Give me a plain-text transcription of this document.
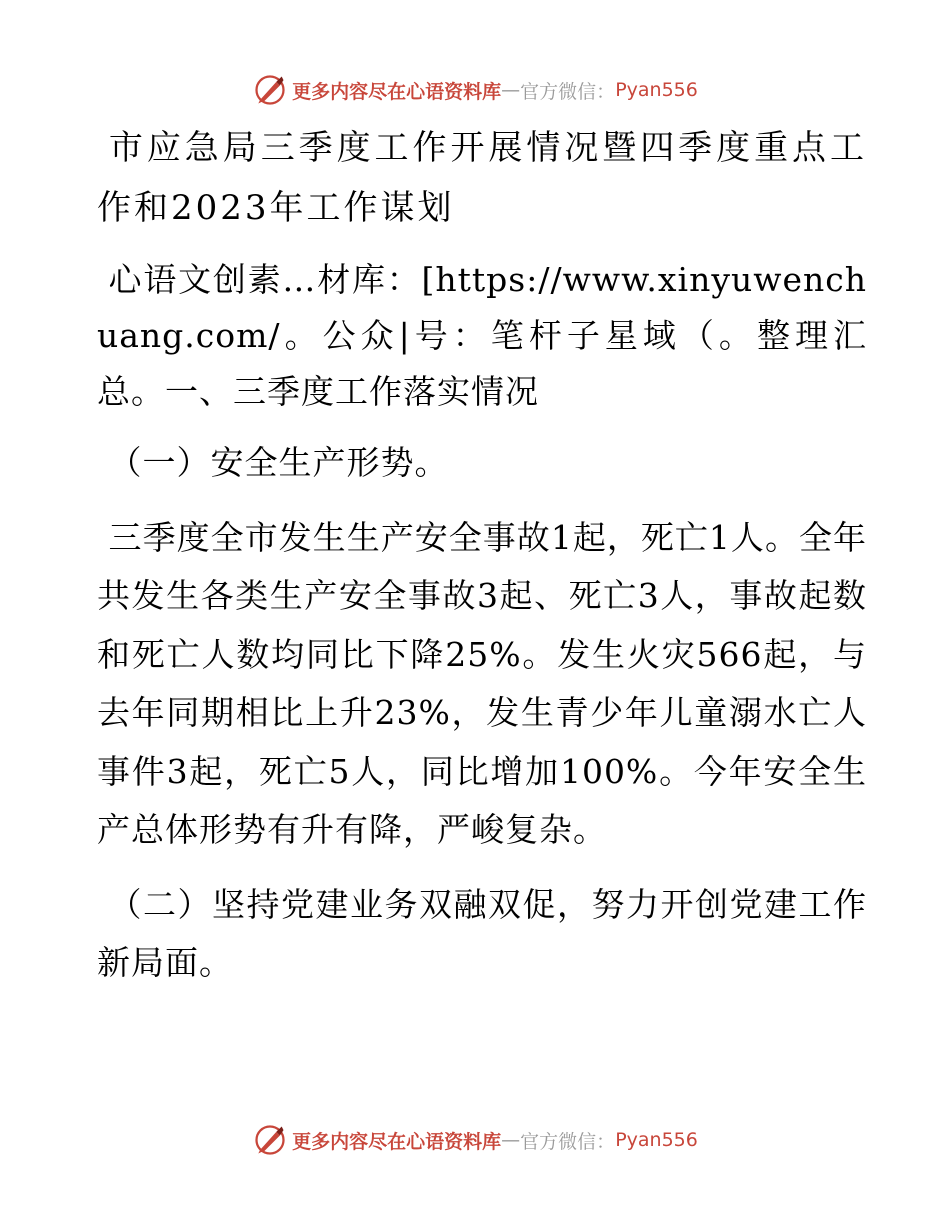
更多内容尽在心语资料库 — 官方微信： Pyan556

市应急局三季度工作开展情况暨四季度重点工作和2023年工作谋划

心语文创素…材库：[https://www.xinyuwenchuang.com/。公众|号：笔杆子星域（。整理汇总。一、三季度工作落实情况

（一）安全生产形势。

三季度全市发生生产安全事故1起，死亡1人。全年共发生各类生产安全事故3起、死亡3人，事故起数和死亡人数均同比下降25%。发生火灾566起，与去年同期相比上升23%，发生青少年儿童溺水亡人事件3起，死亡5人，同比增加100%。今年安全生产总体形势有升有降，严峻复杂。

（二）坚持党建业务双融双促，努力开创党建工作新局面。

更多内容尽在心语资料库 — 官方微信： Pyan556
